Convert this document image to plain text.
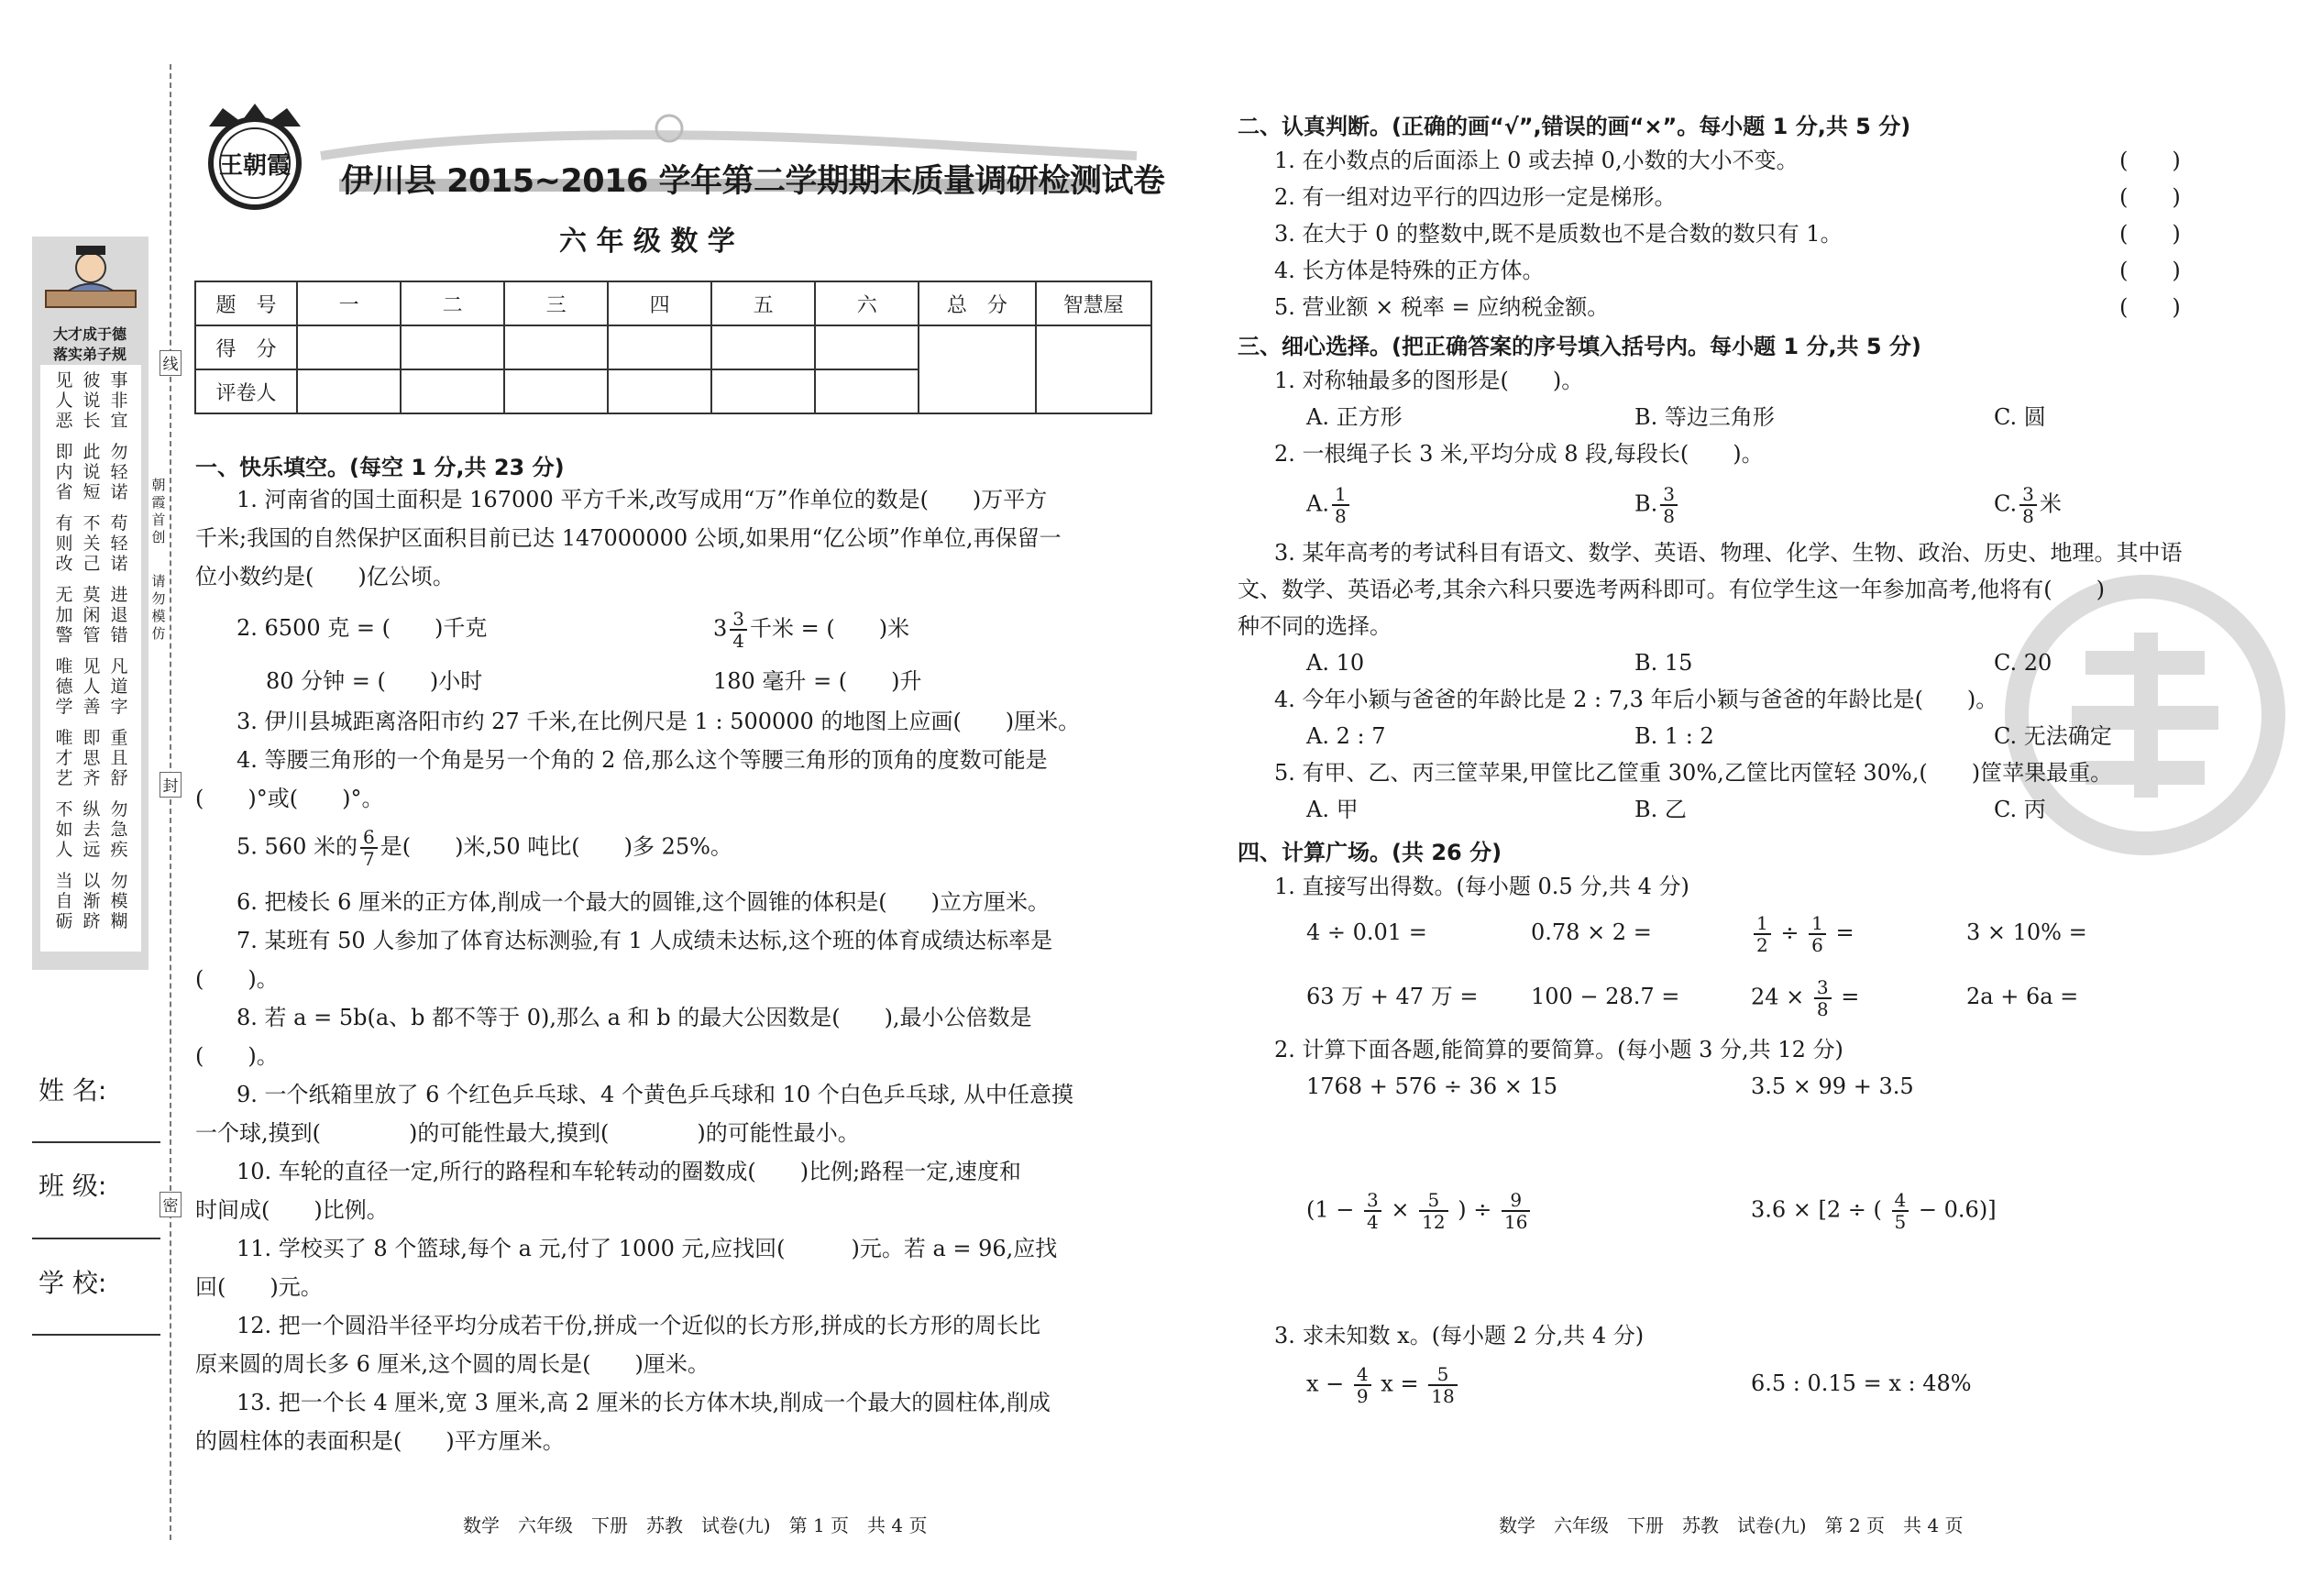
大才成于德
落实弟子规
见人恶
彼说长
事非宜
即内省
此说短
勿轻诺
有则改
不关己
苟轻诺
无加警
莫闲管
进退错
唯德学
见人善
凡道字
唯才艺
即思齐
重且舒
不如人
纵去远
勿急疾
当自砺
以渐跻
勿模糊
朝霞首创
请勿模仿
线
封
密
姓 名:
班 级:
学 校:
王朝霞 伊川县 2015~2016 学年第二学期期末质量调研检测试卷
六 年 级 数 学
题　号	一	二	三	四	五	六	总　分	智慧屋
得　分								
评卷人								
一、快乐填空。(每空 1 分,共 23 分)
1. 河南省的国土面积是 167000 平方千米,改写成用“万”作单位的数是(　　)万平方
千米;我国的自然保护区面积目前已达 147000000 公顷,如果用“亿公顷”作单位,再保留一
位小数约是(　　)亿公顷。
2. 6500 克 = (　　)千克	$3 \frac{3}{4}$ 千米 = (　　)米
80 分钟 = (　　)小时	180 毫升 = (　　)升
3. 伊川县城距离洛阳市约 27 千米,在比例尺是 1 : 500000 的地图上应画(　　)厘米。
4. 等腰三角形的一个角是另一个角的 2 倍,那么这个等腰三角形的顶角的度数可能是
(　　)°或(　　)°。
5. 560 米的 $\frac{6}{7}$ 是(　　)米,50 吨比(　　)多 25%。
6. 把棱长 6 厘米的正方体,削成一个最大的圆锥,这个圆锥的体积是(　　)立方厘米。
7. 某班有 50 人参加了体育达标测验,有 1 人成绩未达标,这个班的体育成绩达标率是
(　　)。
8. 若 a = 5b(a、b 都不等于 0),那么 a 和 b 的最大公因数是(　　),最小公倍数是
(　　)。
9. 一个纸箱里放了 6 个红色乒乓球、4 个黄色乒乓球和 10 个白色乒乓球, 从中任意摸
一个球,摸到(　　　　)的可能性最大,摸到(　　　　)的可能性最小。
10. 车轮的直径一定,所行的路程和车轮转动的圈数成(　　)比例;路程一定,速度和
时间成(　　)比例。
11. 学校买了 8 个篮球,每个 a 元,付了 1000 元,应找回(　　　)元。若 a = 96,应找
回(　　)元。
12. 把一个圆沿半径平均分成若干份,拼成一个近似的长方形,拼成的长方形的周长比
原来圆的周长多 6 厘米,这个圆的周长是(　　)厘米。
13. 把一个长 4 厘米,宽 3 厘米,高 2 厘米的长方体木块,削成一个最大的圆柱体,削成
的圆柱体的表面积是(　　)平方厘米。
数学　六年级　下册　苏教　试卷(九)　第 1 页　共 4 页
二、认真判断。(正确的画“√”,错误的画“×”。每小题 1 分,共 5 分)
1. 在小数点的后面添上 0 或去掉 0,小数的大小不变。	(　　)
2. 有一组对边平行的四边形一定是梯形。	(　　)
3. 在大于 0 的整数中,既不是质数也不是合数的数只有 1。	(　　)
4. 长方体是特殊的正方体。	(　　)
5. 营业额 × 税率 = 应纳税金额。	(　　)
三、细心选择。(把正确答案的序号填入括号内。每小题 1 分,共 5 分)
1. 对称轴最多的图形是(　　)。
A. 正方形	B. 等边三角形	C. 圆
2. 一根绳子长 3 米,平均分成 8 段,每段长(　　)。
A. $\frac{1}{8}$	B. $\frac{3}{8}$	C. $\frac{3}{8}$ 米
3. 某年高考的考试科目有语文、数学、英语、物理、化学、生物、政治、历史、地理。其中语
文、数学、英语必考,其余六科只要选考两科即可。有位学生这一年参加高考,他将有(　　)
种不同的选择。
A. 10	B. 15	C. 20
4. 今年小颖与爸爸的年龄比是 2 : 7,3 年后小颖与爸爸的年龄比是(　　)。
A. 2 : 7	B. 1 : 2	C. 无法确定
5. 有甲、乙、丙三筐苹果,甲筐比乙筐重 30%,乙筐比丙筐轻 30%,(　　)筐苹果最重。
A. 甲	B. 乙	C. 丙
四、计算广场。(共 26 分)
1. 直接写出得数。(每小题 0.5 分,共 4 分)
4 ÷ 0.01 =	0.78 × 2 =	$\frac{1}{2} \div \frac{1}{6}$ =	3 × 10% =
63 万 + 47 万 = 100 − 28.7 =	$24 \times \frac{3}{8}$ =	2a + 6a =
2. 计算下面各题,能简算的要简算。(每小题 3 分,共 12 分)
1768 + 576 ÷ 36 × 15	3.5 × 99 + 3.5
($1 - \frac{3}{4} \times \frac{5}{12}$ ) ÷ $\frac{9}{16}$	3.6 × [2 ÷ ( $\frac{4}{5} - 0.6$)]
3. 求未知数 x。(每小题 2 分,共 4 分)
$x - \frac{4}{9}$ $x = \frac{5}{18}$	6.5 : 0.15 = x : 48%
数学　六年级　下册　苏教　试卷(九)　第 2 页　共 4 页
